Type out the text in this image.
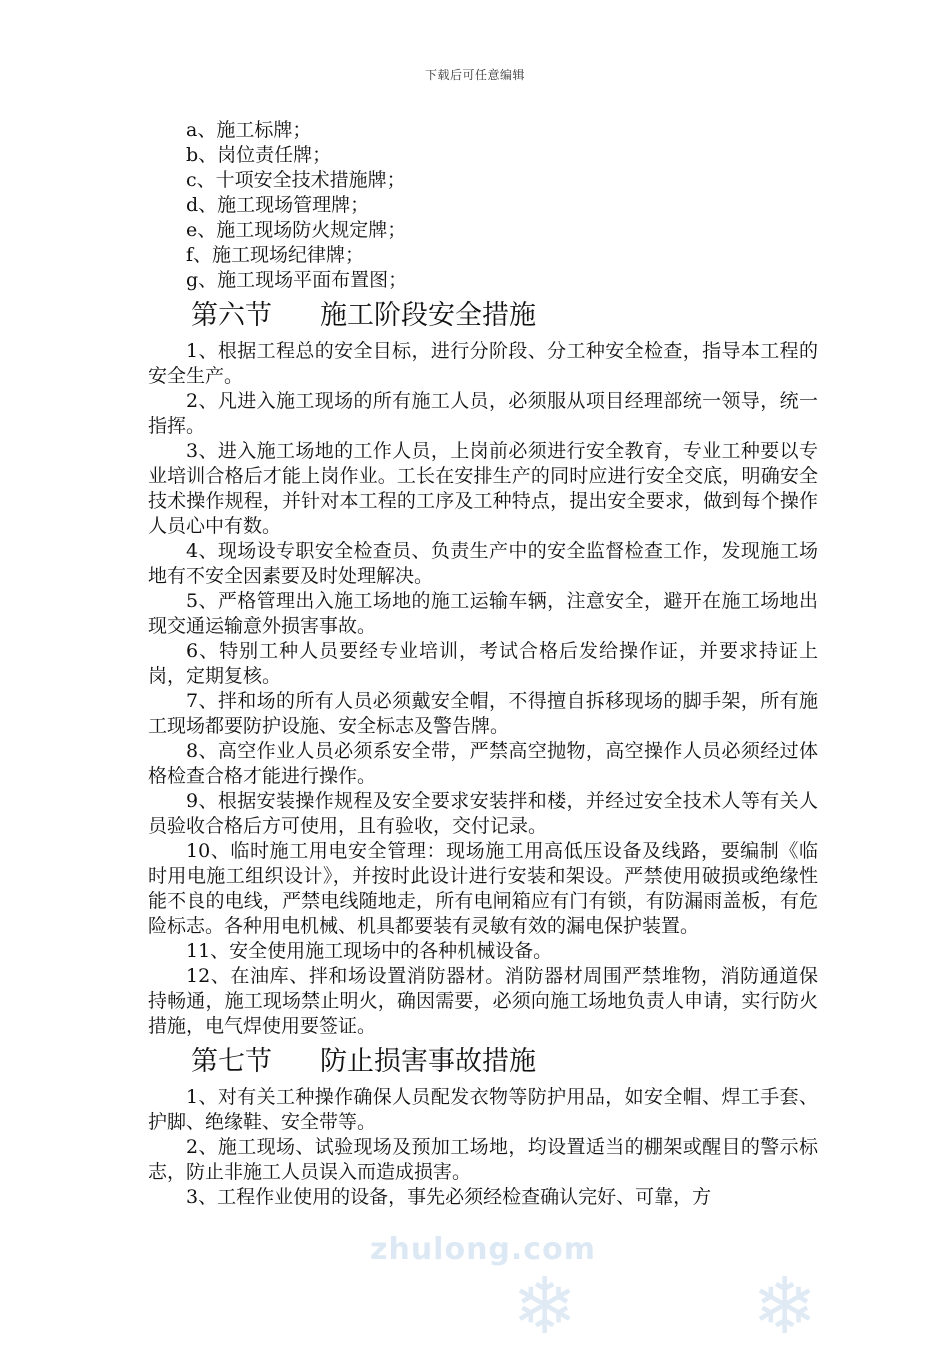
下载后可任意编辑
a、施工标牌；
b、岗位责任牌；
c、十项安全技术措施牌；
d、施工现场管理牌；
e、施工现场防火规定牌；
f、施工现场纪律牌；
g、施工现场平面布置图；
第六节 施工阶段安全措施
1、根据工程总的安全目标，进行分阶段、分工种安全检查，指导本工程的安全生产。
2、凡进入施工现场的所有施工人员，必须服从项目经理部统一领导，统一指挥。
3、进入施工场地的工作人员，上岗前必须进行安全教育，专业工种要以专业培训合格后才能上岗作业。工长在安排生产的同时应进行安全交底，明确安全技术操作规程，并针对本工程的工序及工种特点，提出安全要求，做到每个操作人员心中有数。
4、现场设专职安全检查员、负责生产中的安全监督检查工作，发现施工场地有不安全因素要及时处理解决。
5、严格管理出入施工场地的施工运输车辆，注意安全，避开在施工场地出现交通运输意外损害事故。
6、特别工种人员要经专业培训，考试合格后发给操作证，并要求持证上岗，定期复核。
7、拌和场的所有人员必须戴安全帽，不得擅自拆移现场的脚手架，所有施工现场都要防护设施、安全标志及警告牌。
8、高空作业人员必须系安全带，严禁高空抛物，高空操作人员必须经过体格检查合格才能进行操作。
9、根据安装操作规程及安全要求安装拌和楼，并经过安全技术人等有关人员验收合格后方可使用，且有验收，交付记录。
10、临时施工用电安全管理：现场施工用高低压设备及线路，要编制《临时用电施工组织设计》，并按时此设计进行安装和架设。严禁使用破损或绝缘性能不良的电线，严禁电线随地走，所有电闸箱应有门有锁，有防漏雨盖板，有危险标志。各种用电机械、机具都要装有灵敏有效的漏电保护装置。
11、安全使用施工现场中的各种机械设备。
12、在油库、拌和场设置消防器材。消防器材周围严禁堆物，消防通道保持畅通，施工现场禁止明火，确因需要，必须向施工场地负责人申请，实行防火措施，电气焊使用要签证。
第七节 防止损害事故措施
1、对有关工种操作确保人员配发衣物等防护用品，如安全帽、焊工手套、护脚、绝缘鞋、安全带等。
2、施工现场、试验现场及预加工场地，均设置适当的棚架或醒目的警示标志，防止非施工人员误入而造成损害。
3、工程作业使用的设备，事先必须经检查确认完好、可靠，方
zhulong.com
❄ ❄
